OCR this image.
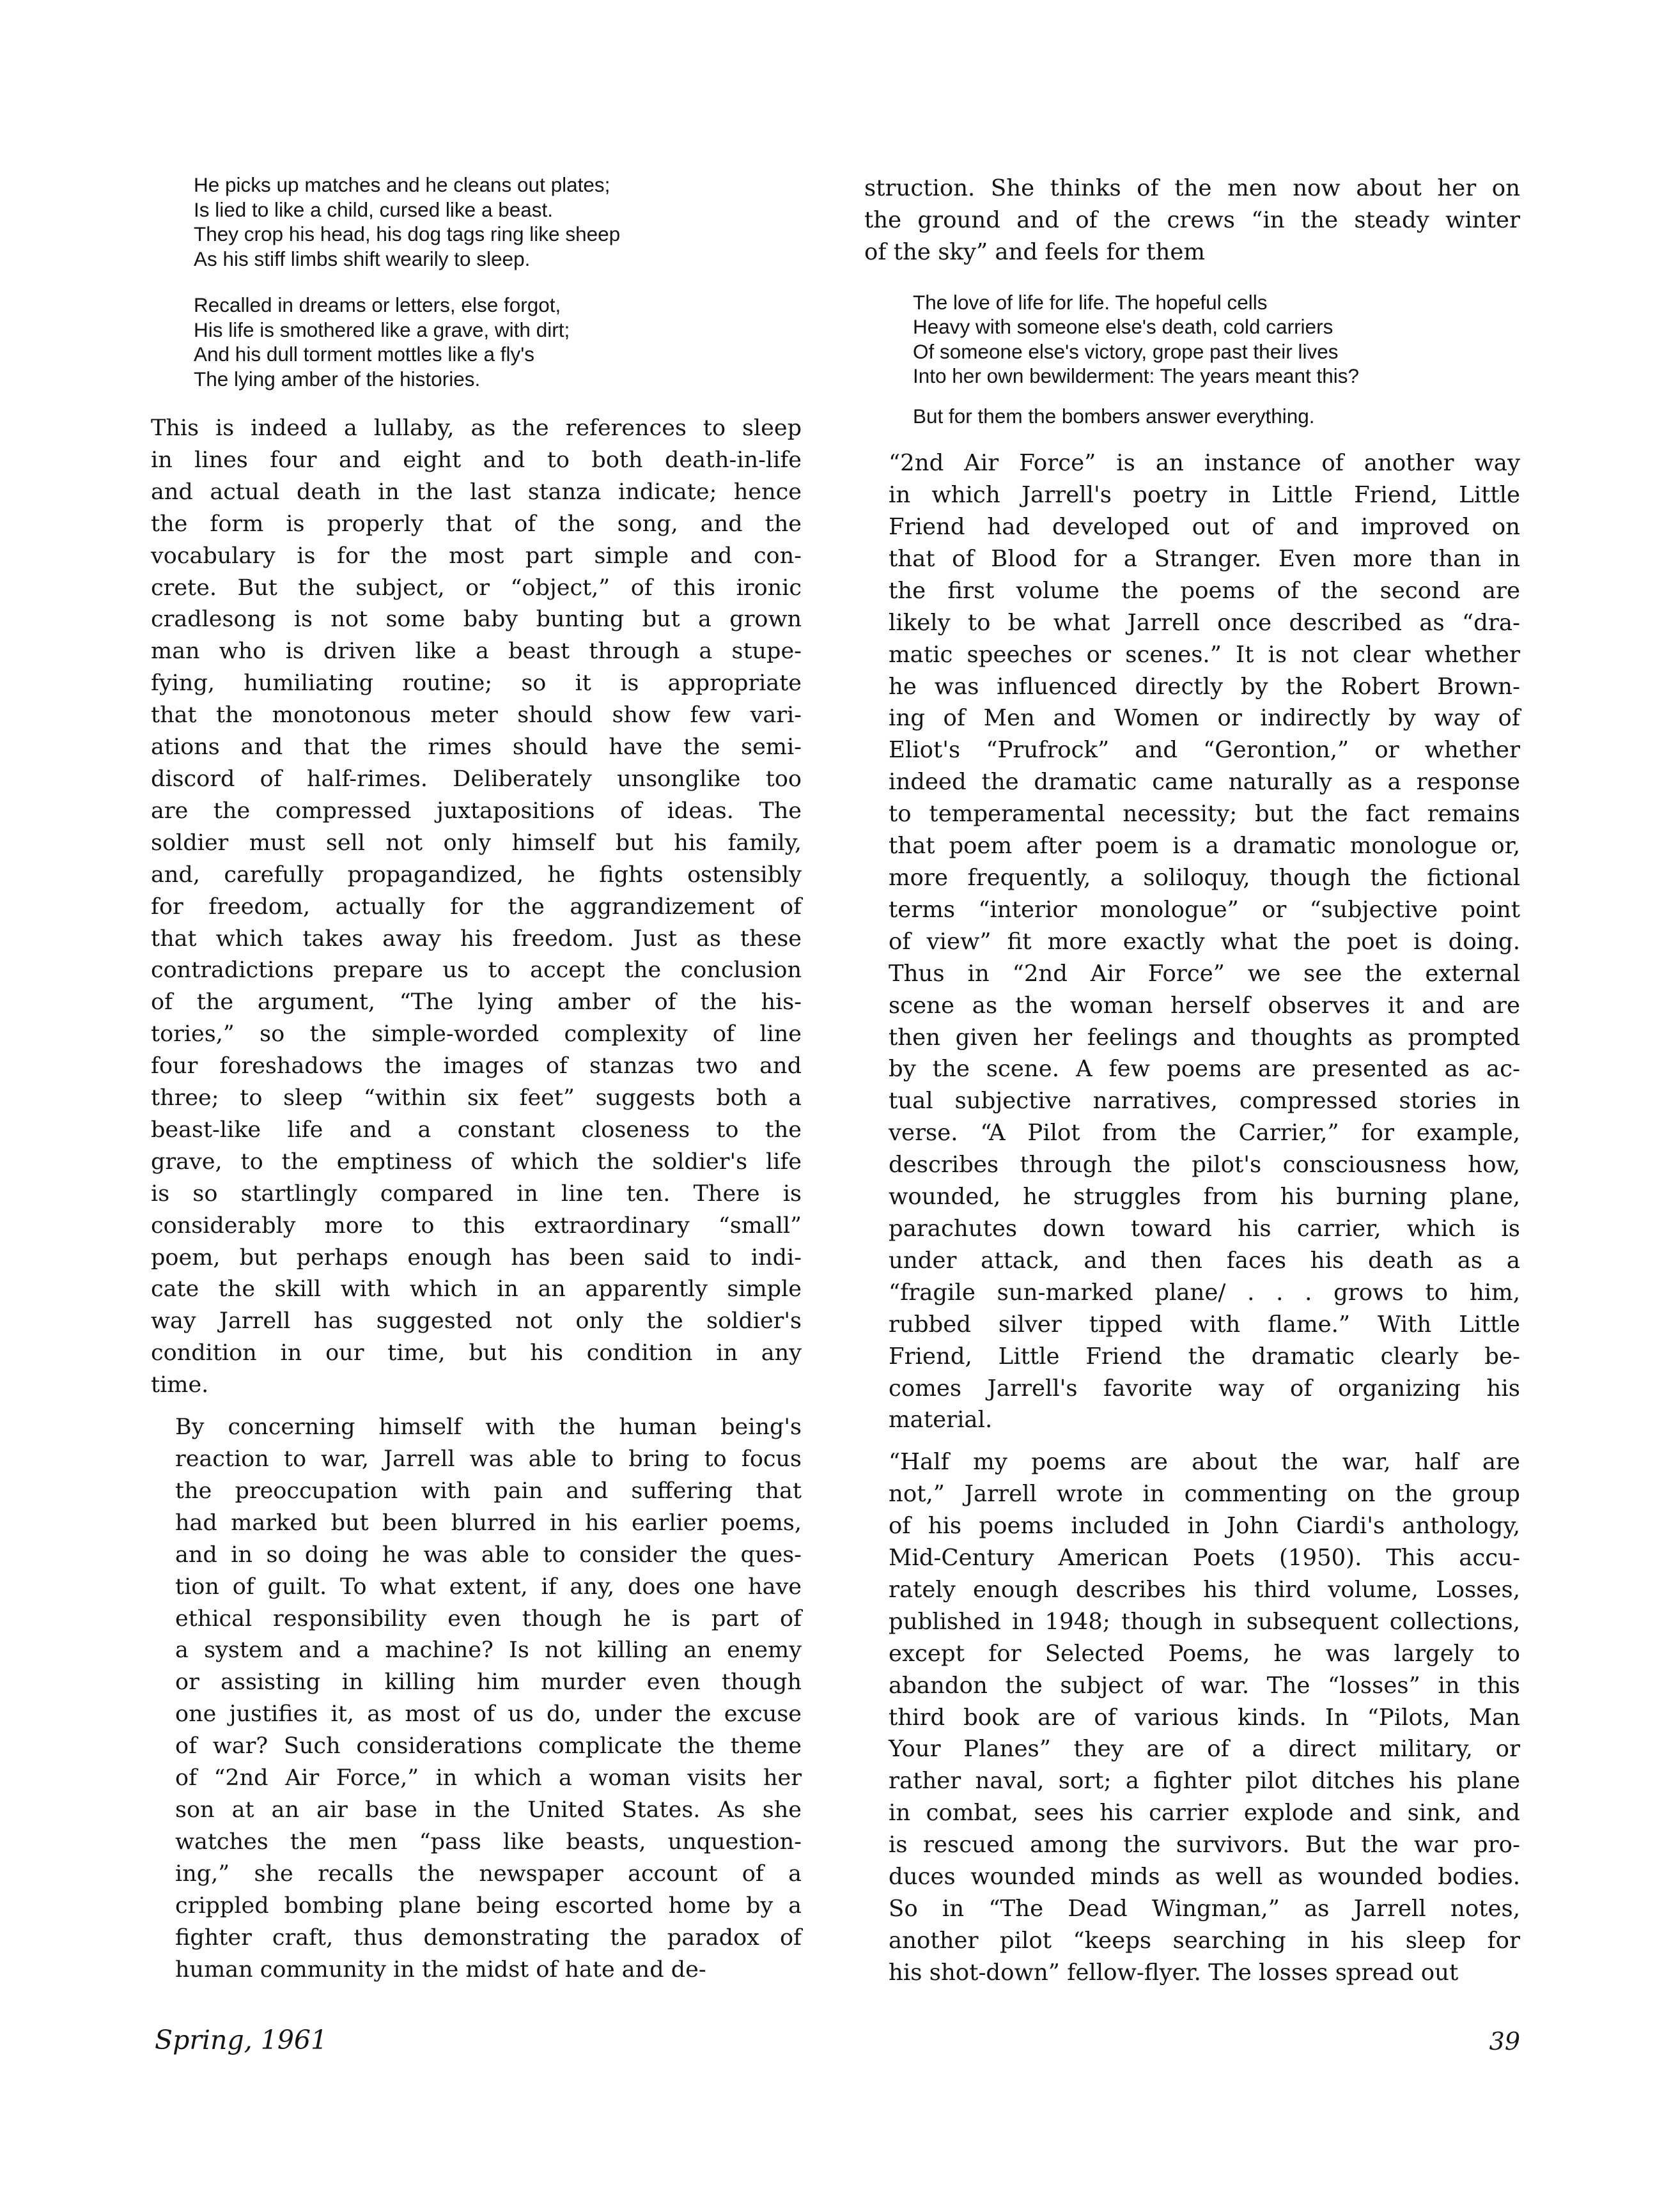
He picks up matches and he cleans out plates;
Is lied to like a child, cursed like a beast.
They crop his head, his dog tags ring like sheep
As his stiff limbs shift wearily to sleep.
Recalled in dreams or letters, else forgot,
His life is smothered like a grave, with dirt;
And his dull torment mottles like a fly's
The lying amber of the histories.

This is indeed a lullaby, as the references to sleep
in lines four and eight and to both death-in-life
and actual death in the last stanza indicate; hence
the form is properly that of the song, and the
vocabulary is for the most part simple and con-
crete. But the subject, or “object,” of this ironic
cradlesong is not some baby bunting but a grown
man who is driven like a beast through a stupe-
fying, humiliating routine; so it is appropriate
that the monotonous meter should show few vari-
ations and that the rimes should have the semi-
discord of half-rimes. Deliberately unsonglike too
are the compressed juxtapositions of ideas. The
soldier must sell not only himself but his family,
and, carefully propagandized, he fights ostensibly
for freedom, actually for the aggrandizement of
that which takes away his freedom. Just as these
contradictions prepare us to accept the conclusion
of the argument, “The lying amber of the his-
tories,” so the simple-worded complexity of line
four foreshadows the images of stanzas two and
three; to sleep “within six feet” suggests both a
beast-like life and a constant closeness to the
grave, to the emptiness of which the soldier's life
is so startlingly compared in line ten. There is
considerably more to this extraordinary “small”
poem, but perhaps enough has been said to indi-
cate the skill with which in an apparently simple
way Jarrell has suggested not only the soldier's
condition in our time, but his condition in any
time.

By concerning himself with the human being's
reaction to war, Jarrell was able to bring to focus
the preoccupation with pain and suffering that
had marked but been blurred in his earlier poems,
and in so doing he was able to consider the ques-
tion of guilt. To what extent, if any, does one have
ethical responsibility even though he is part of
a system and a machine? Is not killing an enemy
or assisting in killing him murder even though
one justifies it, as most of us do, under the excuse
of war? Such considerations complicate the theme
of “2nd Air Force,” in which a woman visits her
son at an air base in the United States. As she
watches the men “pass like beasts, unquestion-
ing,” she recalls the newspaper account of a
crippled bombing plane being escorted home by a
fighter craft, thus demonstrating the paradox of
human community in the midst of hate and de-

struction. She thinks of the men now about her on
the ground and of the crews “in the steady winter
of the sky” and feels for them

The love of life for life. The hopeful cells
Heavy with someone else's death, cold carriers
Of someone else's victory, grope past their lives
Into her own bewilderment: The years meant this?
But for them the bombers answer everything.

“2nd Air Force” is an instance of another way
in which Jarrell's poetry in Little Friend, Little
Friend had developed out of and improved on
that of Blood for a Stranger. Even more than in
the first volume the poems of the second are
likely to be what Jarrell once described as “dra-
matic speeches or scenes.” It is not clear whether
he was influenced directly by the Robert Brown-
ing of Men and Women or indirectly by way of
Eliot's “Prufrock” and “Gerontion,” or whether
indeed the dramatic came naturally as a response
to temperamental necessity; but the fact remains
that poem after poem is a dramatic monologue or,
more frequently, a soliloquy, though the fictional
terms “interior monologue” or “subjective point
of view” fit more exactly what the poet is doing.
Thus in “2nd Air Force” we see the external
scene as the woman herself observes it and are
then given her feelings and thoughts as prompted
by the scene. A few poems are presented as ac-
tual subjective narratives, compressed stories in
verse. “A Pilot from the Carrier,” for example,
describes through the pilot's consciousness how,
wounded, he struggles from his burning plane,
parachutes down toward his carrier, which is
under attack, and then faces his death as a
“fragile sun-marked plane/ . . . grows to him,
rubbed silver tipped with flame.” With Little
Friend, Little Friend the dramatic clearly be-
comes Jarrell's favorite way of organizing his
material.

“Half my poems are about the war, half are
not,” Jarrell wrote in commenting on the group
of his poems included in John Ciardi's anthology,
Mid-Century American Poets (1950). This accu-
rately enough describes his third volume, Losses,
published in 1948; though in subsequent collections,
except for Selected Poems, he was largely to
abandon the subject of war. The “losses” in this
third book are of various kinds. In “Pilots, Man
Your Planes” they are of a direct military, or
rather naval, sort; a fighter pilot ditches his plane
in combat, sees his carrier explode and sink, and
is rescued among the survivors. But the war pro-
duces wounded minds as well as wounded bodies.
So in “The Dead Wingman,” as Jarrell notes,
another pilot “keeps searching in his sleep for
his shot-down” fellow-flyer. The losses spread out

Spring, 1961	39
